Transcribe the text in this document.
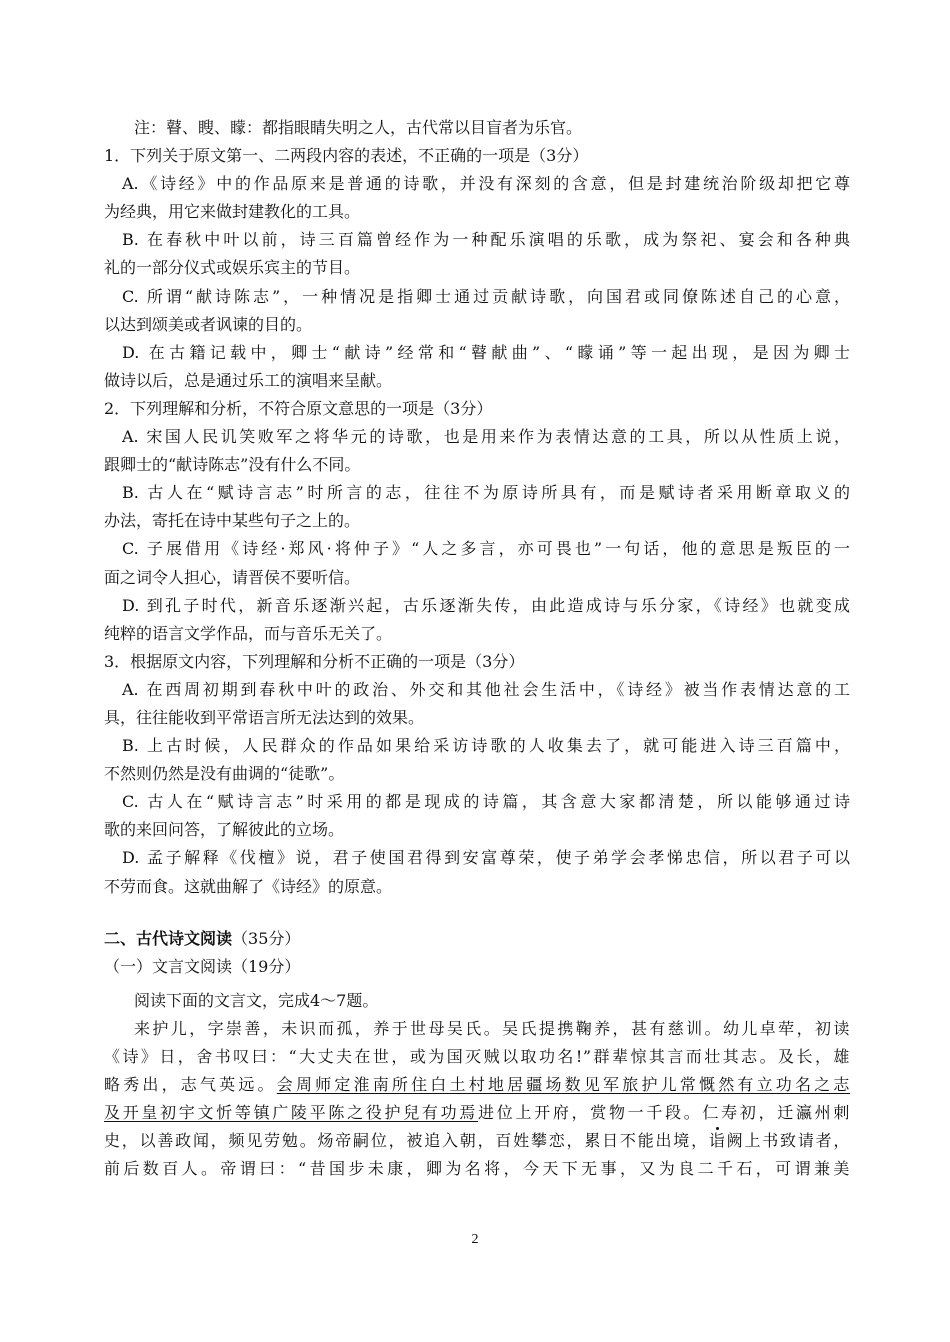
注：瞽、瞍、矇：都指眼睛失明之人，古代常以目盲者为乐官。
1．下列关于原文第一、二两段内容的表述，不正确的一项是（3分）
A.《诗经》中的作品原来是普通的诗歌，并没有深刻的含意，但是封建统治阶级却把它尊
为经典，用它来做封建教化的工具。
B. 在春秋中叶以前，诗三百篇曾经作为一种配乐演唱的乐歌，成为祭祀、宴会和各种典
礼的一部分仪式或娱乐宾主的节目。
C. 所谓“献诗陈志”，一种情况是指卿士通过贡献诗歌，向国君或同僚陈述自己的心意，
以达到颂美或者讽谏的目的。
D. 在古籍记载中，卿士“献诗”经常和“瞽献曲”、“矇诵”等一起出现，是因为卿士
做诗以后，总是通过乐工的演唱来呈献。
2．下列理解和分析，不符合原文意思的一项是（3分）
A. 宋国人民讥笑败军之将华元的诗歌，也是用来作为表情达意的工具，所以从性质上说，
跟卿士的“献诗陈志”没有什么不同。
B. 古人在“赋诗言志”时所言的志，往往不为原诗所具有，而是赋诗者采用断章取义的
办法，寄托在诗中某些句子之上的。
C. 子展借用《诗经·郑风·将仲子》“人之多言，亦可畏也”一句话，他的意思是叛臣的一
面之词令人担心，请晋侯不要听信。
D. 到孔子时代，新音乐逐渐兴起，古乐逐渐失传，由此造成诗与乐分家，《诗经》也就变成
纯粹的语言文学作品，而与音乐无关了。
3．根据原文内容，下列理解和分析不正确的一项是（3分）
A. 在西周初期到春秋中叶的政治、外交和其他社会生活中，《诗经》被当作表情达意的工
具，往往能收到平常语言所无法达到的效果。
B. 上古时候，人民群众的作品如果给采访诗歌的人收集去了，就可能进入诗三百篇中，
不然则仍然是没有曲调的“徒歌”。
C. 古人在“赋诗言志”时采用的都是现成的诗篇，其含意大家都清楚，所以能够通过诗
歌的来回问答，了解彼此的立场。
D. 孟子解释《伐檀》说，君子使国君得到安富尊荣，使子弟学会孝悌忠信，所以君子可以
不劳而食。这就曲解了《诗经》的原意。
二、古代诗文阅读（35分）
（一）文言文阅读（19分）
阅读下面的文言文，完成4～7题。
来护儿，字崇善，未识而孤，养于世母吴氏。吴氏提携鞠养，甚有慈训。幼儿卓荦，初读
《诗》日，舍书叹曰：“大丈夫在世，或为国灭贼以取功名!”群辈惊其言而壮其志。及长，雄
略秀出，志气英远。会周师定淮南所住白土村地居疆场数见军旅护儿常慨然有立功名之志
及开皇初宇文忻等镇广陵平陈之役护兒有功焉进位上开府，赏物一千段。仁寿初，迁瀛州刺
史，以善政闻，频见劳勉。炀帝嗣位，被追入朝，百姓攀恋，累日不能出境，诣阙上书致请者，
前后数百人。帝谓曰：“昔国步未康，卿为名将，今天下无事，又为良二千石，可谓兼美
2
